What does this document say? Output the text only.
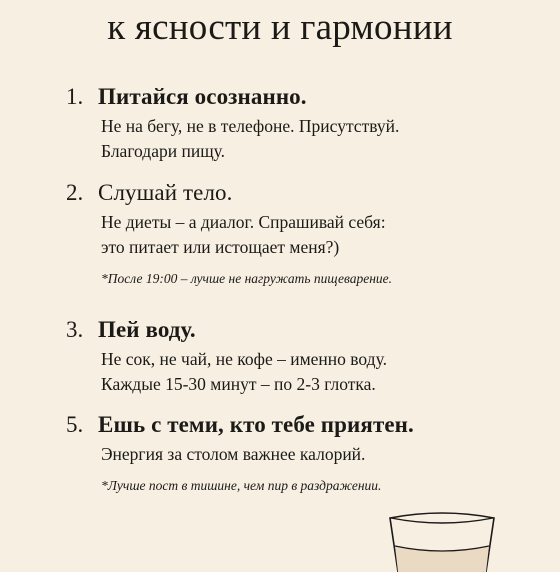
к ясности и гармонии
1. Питайся осознанно.
Не на бегу, не в телефоне. Присутствуй.
Благодари пищу.
2. Слушай тело.
Не диеты – а диалог. Спрашивай себя:
это питает или истощает меня?)
*После 19:00 – лучше не нагружать пищеварение.
3. Пей воду.
Не сок, не чай, не кофе – именно воду.
Каждые 15-30 минут – по 2-3 глотка.
5. Ешь с теми, кто тебе приятен.
Энергия за столом важнее калорий.
*Лучше пост в тишине, чем пир в раздражении.
